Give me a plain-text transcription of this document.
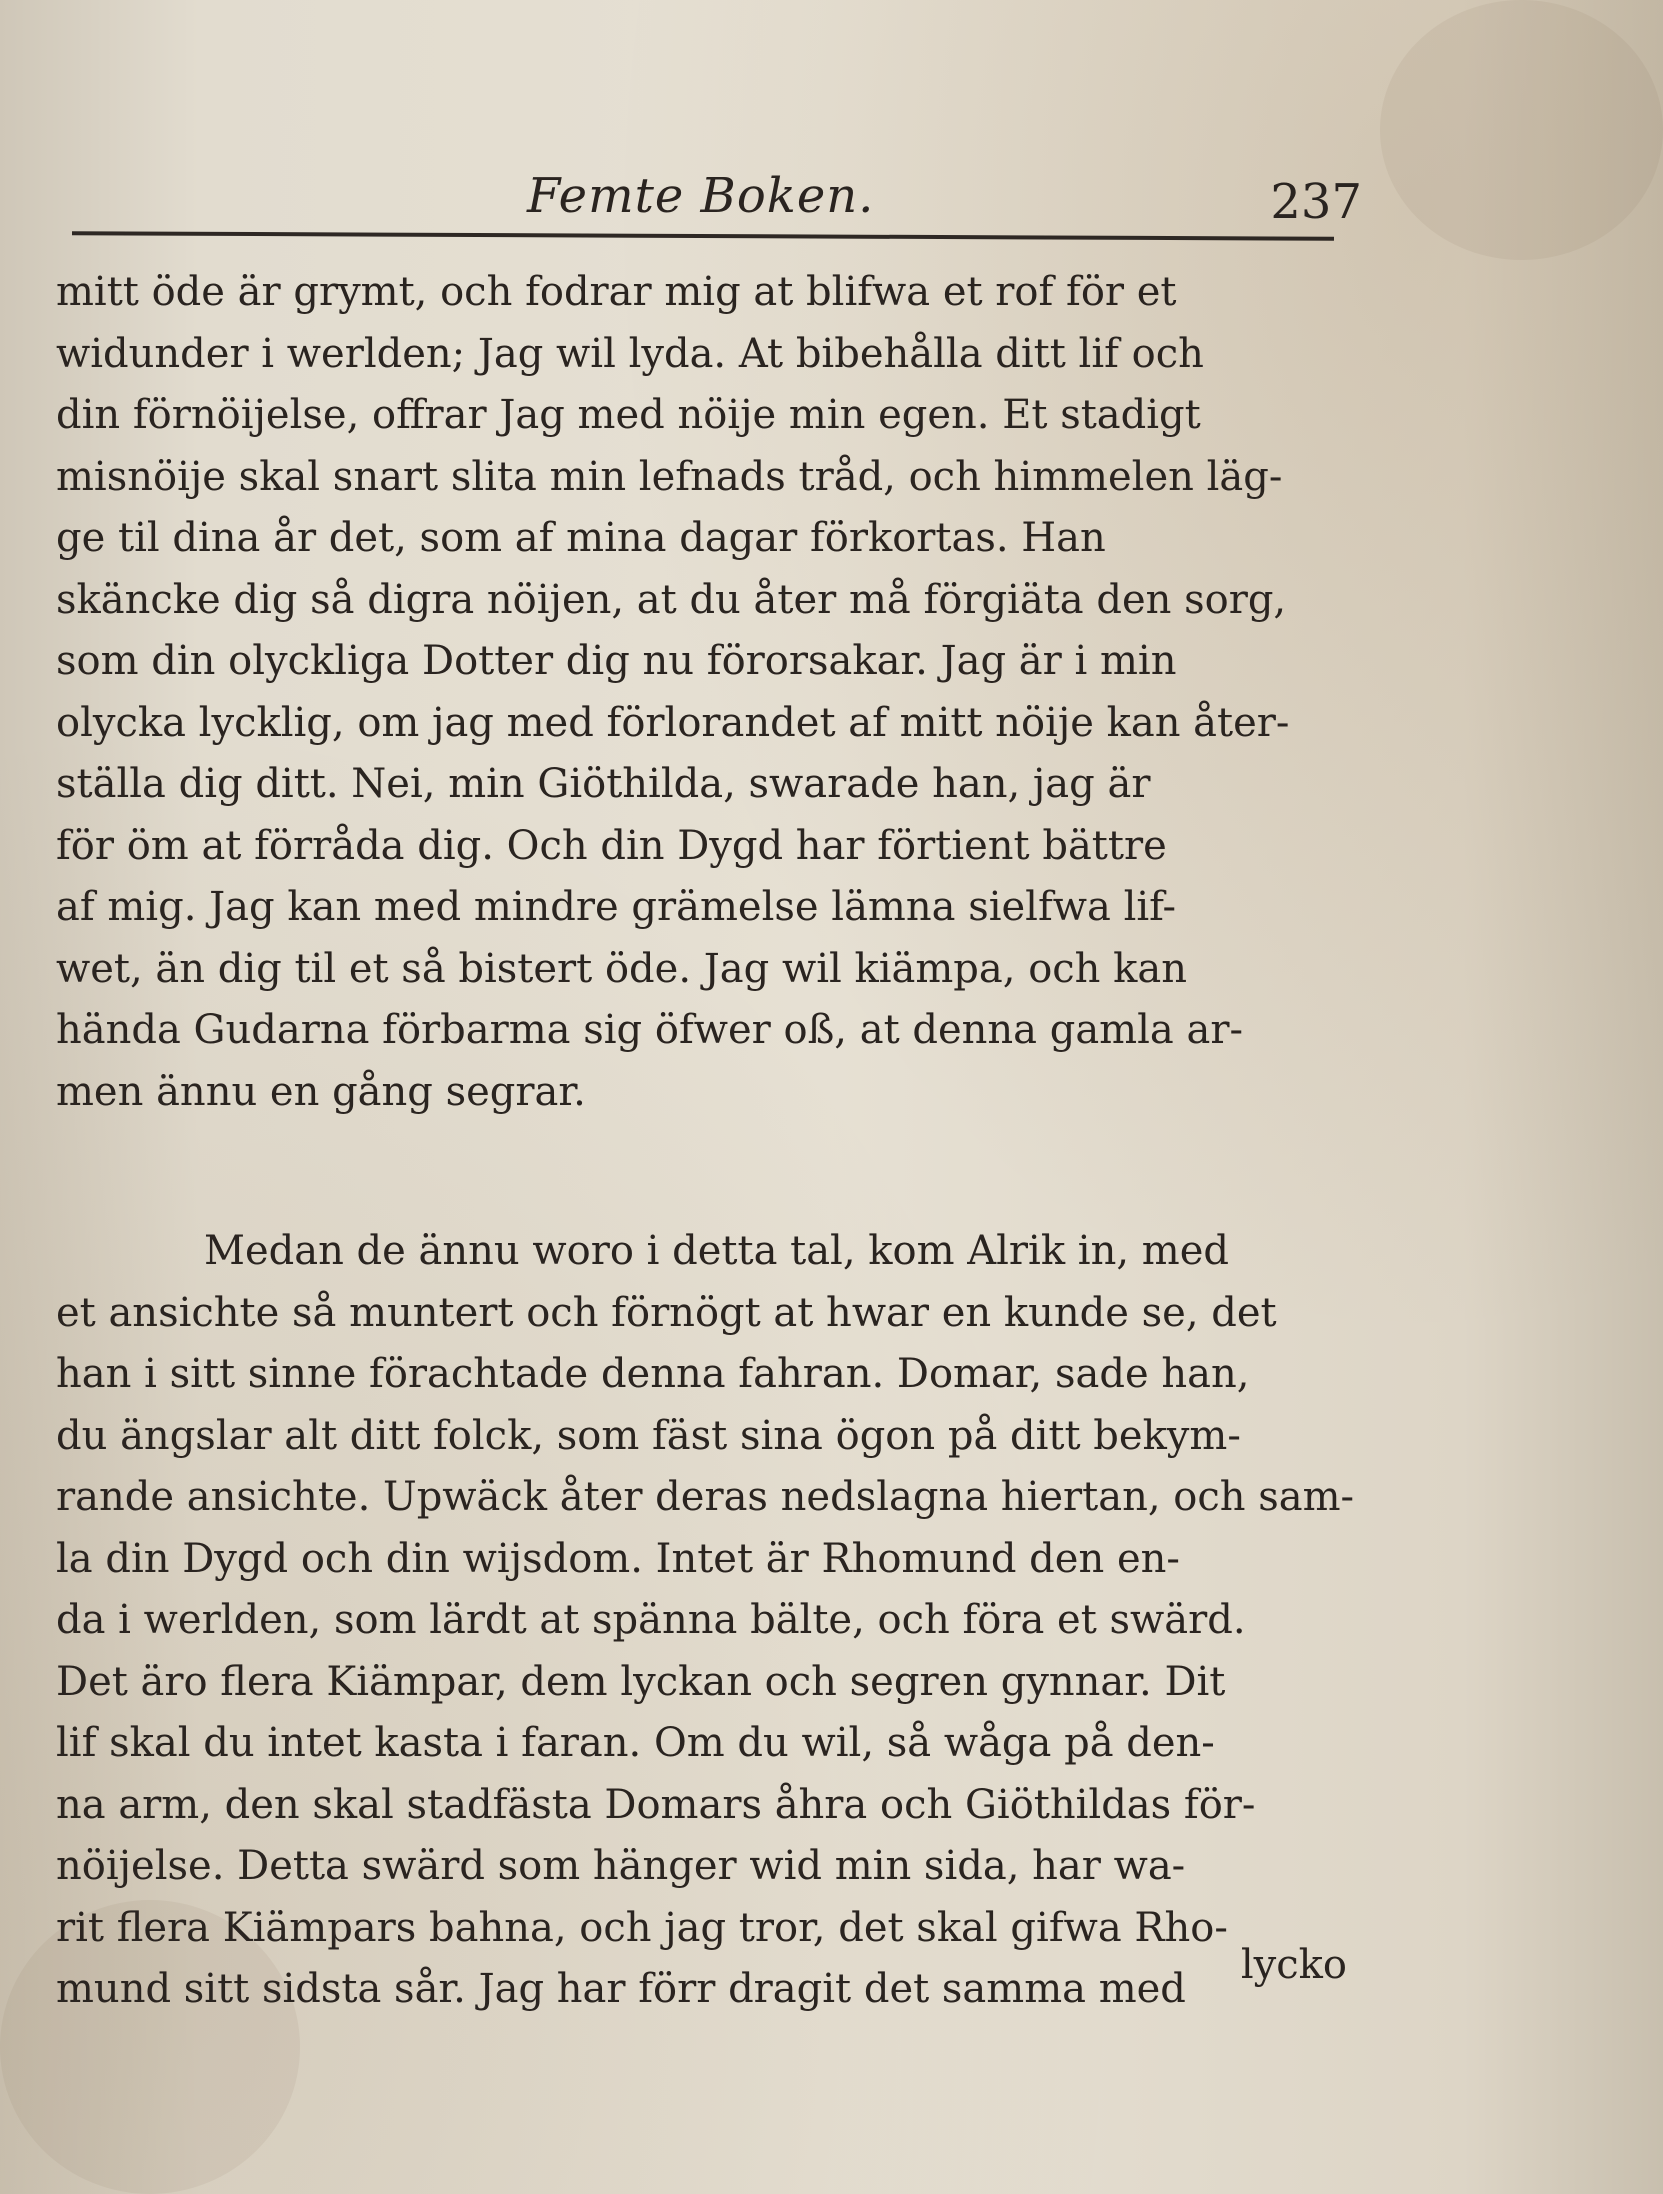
Femte Boken.	237
mitt öde är grymt, och fodrar mig at blifwa et rof för et
widunder i werlden; Jag wil lyda. At bibehålla ditt lif och
din förnöijelse, offrar Jag med nöije min egen. Et stadigt
misnöije skal snart slita min lefnads tråd, och himmelen läg-
ge til dina år det, som af mina dagar förkortas. Han
skäncke dig så digra nöijen, at du åter må förgiäta den sorg,
som din olyckliga Dotter dig nu förorsakar. Jag är i min
olycka lycklig, om jag med förlorandet af mitt nöije kan åter-
ställa dig ditt. Nei, min Giöthilda, swarade han, jag är
för öm at förråda dig. Och din Dygd har förtient bättre
af mig. Jag kan med mindre grämelse lämna sielfwa lif-
wet, än dig til et så bistert öde. Jag wil kiämpa, och kan
hända Gudarna förbarma sig öfwer oß, at denna gamla ar-
men ännu en gång segrar.
Medan de ännu woro i detta tal, kom Alrik in, med
et ansichte så muntert och förnögt at hwar en kunde se, det
han i sitt sinne förachtade denna fahran. Domar, sade han,
du ängslar alt ditt folck, som fäst sina ögon på ditt bekym-
rande ansichte. Upwäck åter deras nedslagna hiertan, och sam-
la din Dygd och din wijsdom. Intet är Rhomund den en-
da i werlden, som lärdt at spänna bälte, och föra et swärd.
Det äro flera Kiämpar, dem lyckan och segren gynnar. Dit
lif skal du intet kasta i faran. Om du wil, så wåga på den-
na arm, den skal stadfästa Domars åhra och Giöthildas för-
nöijelse. Detta swärd som hänger wid min sida, har wa-
rit flera Kiämpars bahna, och jag tror, det skal gifwa Rho-
mund sitt sidsta sår. Jag har förr dragit det samma med
lycko
